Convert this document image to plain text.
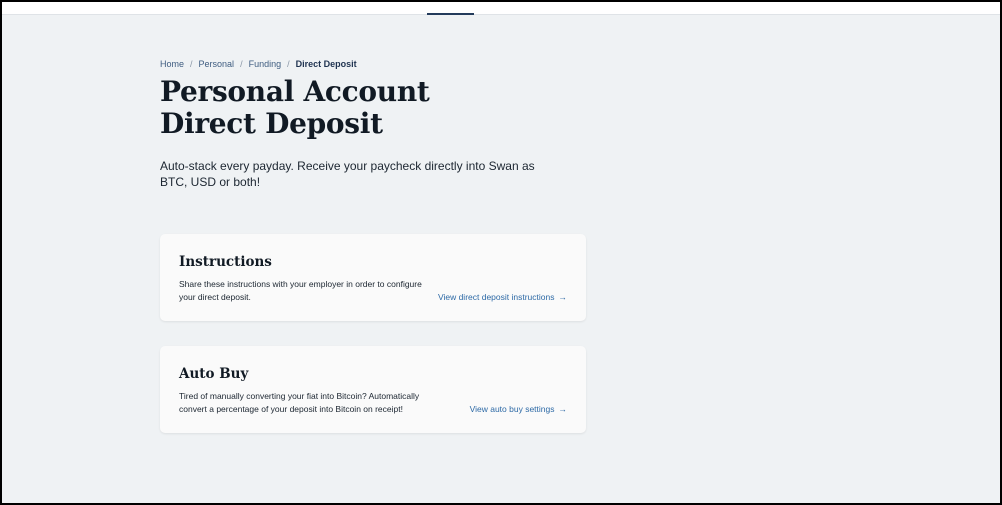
Home / Personal / Funding / Direct Deposit
Personal Account
Direct Deposit

Auto-stack every payday. Receive your paycheck directly into Swan as BTC, USD or both!

Instructions

Share these instructions with your employer in order to configure your direct deposit.	View direct deposit instructions →
Auto Buy

Tired of manually converting your fiat into Bitcoin? Automatically convert a percentage of your deposit into Bitcoin on receipt!	View auto buy settings →
